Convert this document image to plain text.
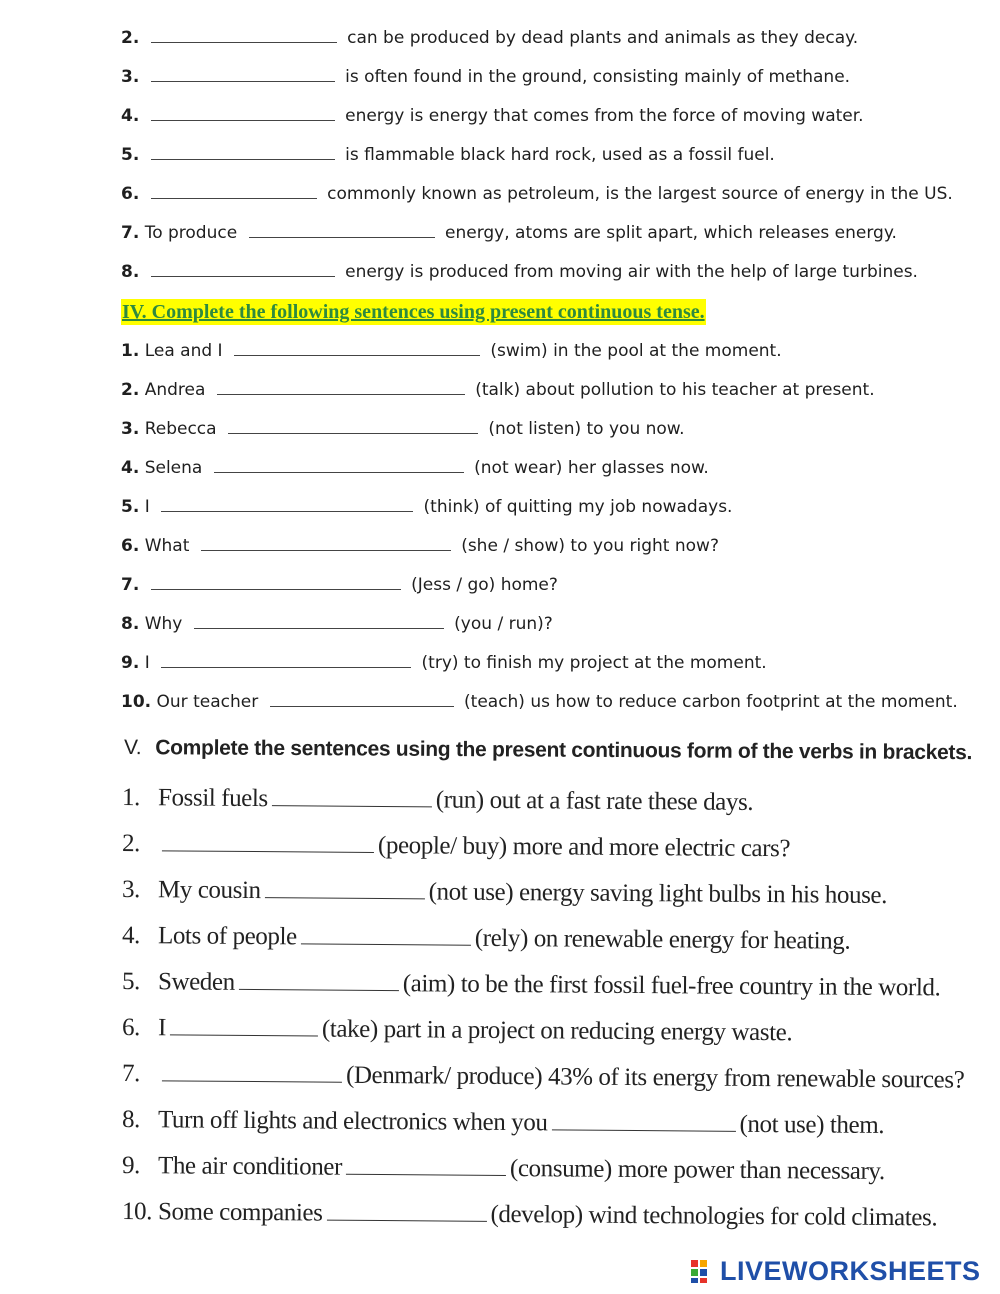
2.	can be produced by dead plants and animals as they decay.
3.	is often found in the ground, consisting mainly of methane.
4.	energy is energy that comes from the force of moving water.
5.	is flammable black hard rock, used as a fossil fuel.
6.	commonly known as petroleum, is the largest source of energy in the US.
7. To produce	energy, atoms are split apart, which releases energy.
8.	energy is produced from moving air with the help of large turbines.
IV. Complete the following sentences using present continuous tense.
1. Lea and I	(swim) in the pool at the moment.
2. Andrea	(talk) about pollution to his teacher at present.
3. Rebecca	(not listen) to you now.
4. Selena	(not wear) her glasses now.
5. I	(think) of quitting my job nowadays.
6. What	(she / show) to you right now?
7.	(Jess / go) home?
8. Why	(you / run)?
9. I	(try) to finish my project at the moment.
10. Our teacher	(teach) us how to reduce carbon footprint at the moment.
V. Complete the sentences using the present continuous form of the verbs in brackets.
1. Fossil fuels	(run) out at a fast rate these days.
2.	(people/ buy) more and more electric cars?
3. My cousin	(not use) energy saving light bulbs in his house.
4. Lots of people	(rely) on renewable energy for heating.
5. Sweden	(aim) to be the first fossil fuel-free country in the world.
6. I	(take) part in a project on reducing energy waste.
7.	(Denmark/ produce) 43% of its energy from renewable sources?
8. Turn off lights and electronics when you	(not use) them.
9. The air conditioner	(consume) more power than necessary.
10. Some companies	(develop) wind technologies for cold climates.
LIVEWORKSHEETS
